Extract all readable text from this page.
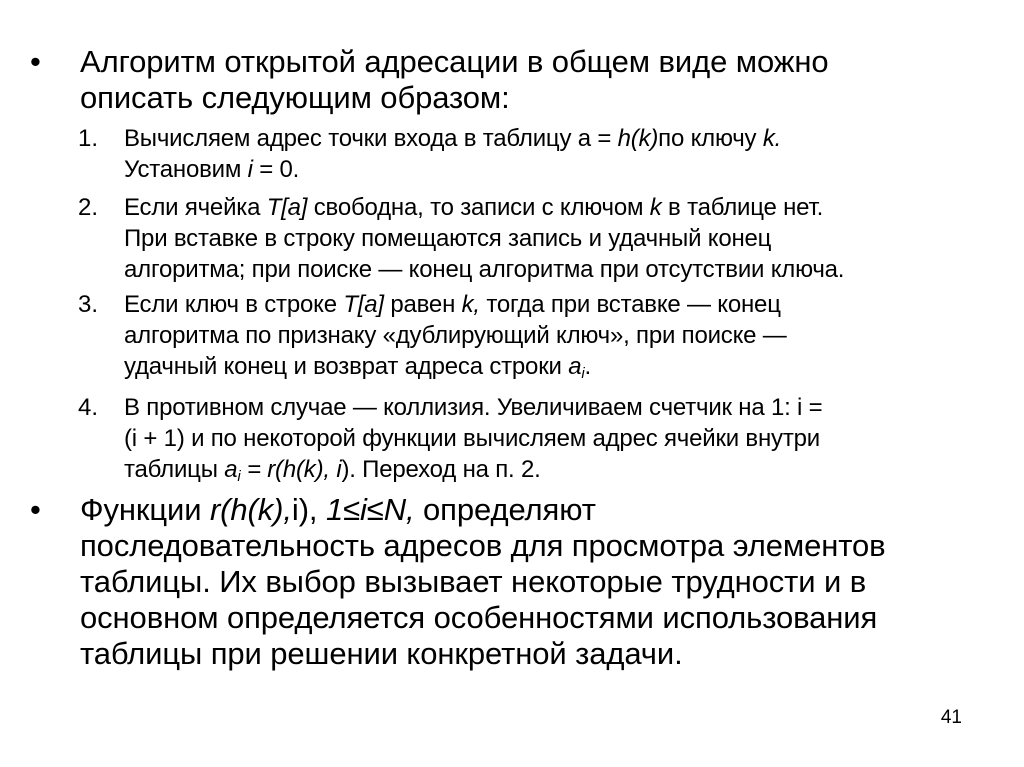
• Алгоритм открытой адресации в общем виде можно
описать следующим образом:
1. Вычисляем адрес точки входа в таблицу a = h(k)по ключу k.
Установим i = 0.
2. Если ячейка T[a] свободна, то записи с ключом k в таблице нет.
При вставке в строку помещаются запись и удачный конец
алгоритма; при поиске — конец алгоритма при отсутствии ключа.
3. Если ключ в строке T[a] равен k, тогда при вставке — конец
алгоритма по признаку «дублирующий ключ», при поиске —
удачный конец и возврат адреса строки $a_i$.
4. В противном случае — коллизия. Увеличиваем счетчик на 1: i =
(i + 1) и по некоторой функции вычисляем адрес ячейки внутри
таблицы $a_i = r(h(k)$, i). Переход на п. 2.
• Функции r(h(k),i), 1≤i≤N, определяют
последовательность адресов для просмотра элементов
таблицы. Их выбор вызывает некоторые трудности и в
основном определяется особенностями использования
таблицы при решении конкретной задачи.
41
